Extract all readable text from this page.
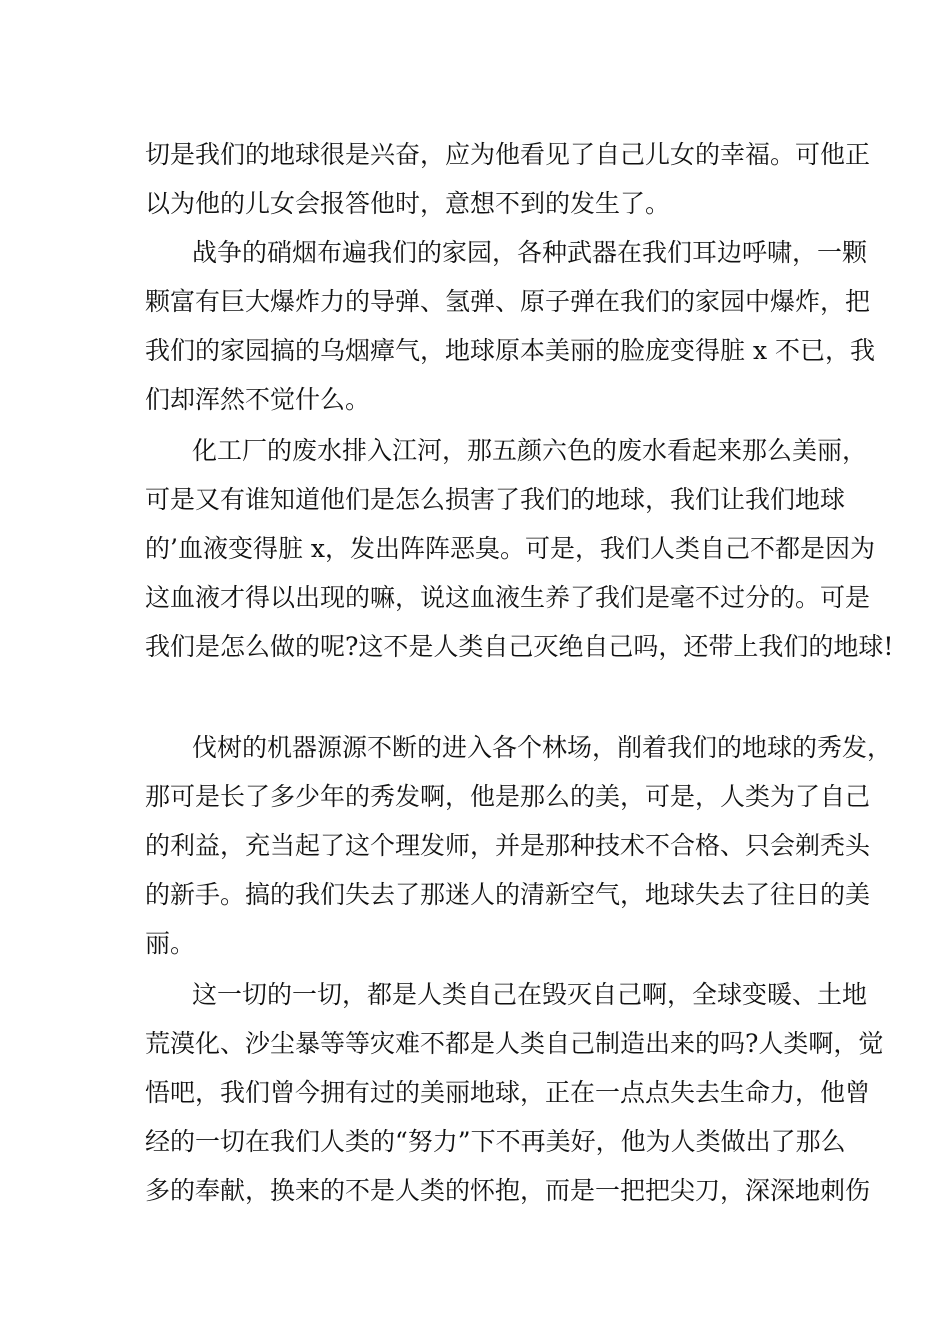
切是我们的地球很是兴奋，应为他看见了自己儿女的幸福。可他正
以为他的儿女会报答他时，意想不到的发生了。
战争的硝烟布遍我们的家园，各种武器在我们耳边呼啸，一颗
颗富有巨大爆炸力的导弹、氢弹、原子弹在我们的家园中爆炸，把
我们的家园搞的乌烟瘴气，地球原本美丽的脸庞变得脏 x 不已，我
们却浑然不觉什么。
化工厂的废水排入江河，那五颜六色的废水看起来那么美丽，
可是又有谁知道他们是怎么损害了我们的地球，我们让我们地球
的’血液变得脏 x，发出阵阵恶臭。可是，我们人类自己不都是因为
这血液才得以出现的嘛，说这血液生养了我们是毫不过分的。可是
我们是怎么做的呢?这不是人类自己灭绝自己吗，还带上我们的地球!
伐树的机器源源不断的进入各个林场，削着我们的地球的秀发，
那可是长了多少年的秀发啊，他是那么的美，可是，人类为了自己
的利益，充当起了这个理发师，并是那种技术不合格、只会剃秃头
的新手。搞的我们失去了那迷人的清新空气，地球失去了往日的美
丽。
这一切的一切，都是人类自己在毁灭自己啊，全球变暖、土地
荒漠化、沙尘暴等等灾难不都是人类自己制造出来的吗?人类啊，觉
悟吧，我们曾今拥有过的美丽地球，正在一点点失去生命力，他曾
经的一切在我们人类的“努力”下不再美好，他为人类做出了那么
多的奉献，换来的不是人类的怀抱，而是一把把尖刀，深深地刺伤
